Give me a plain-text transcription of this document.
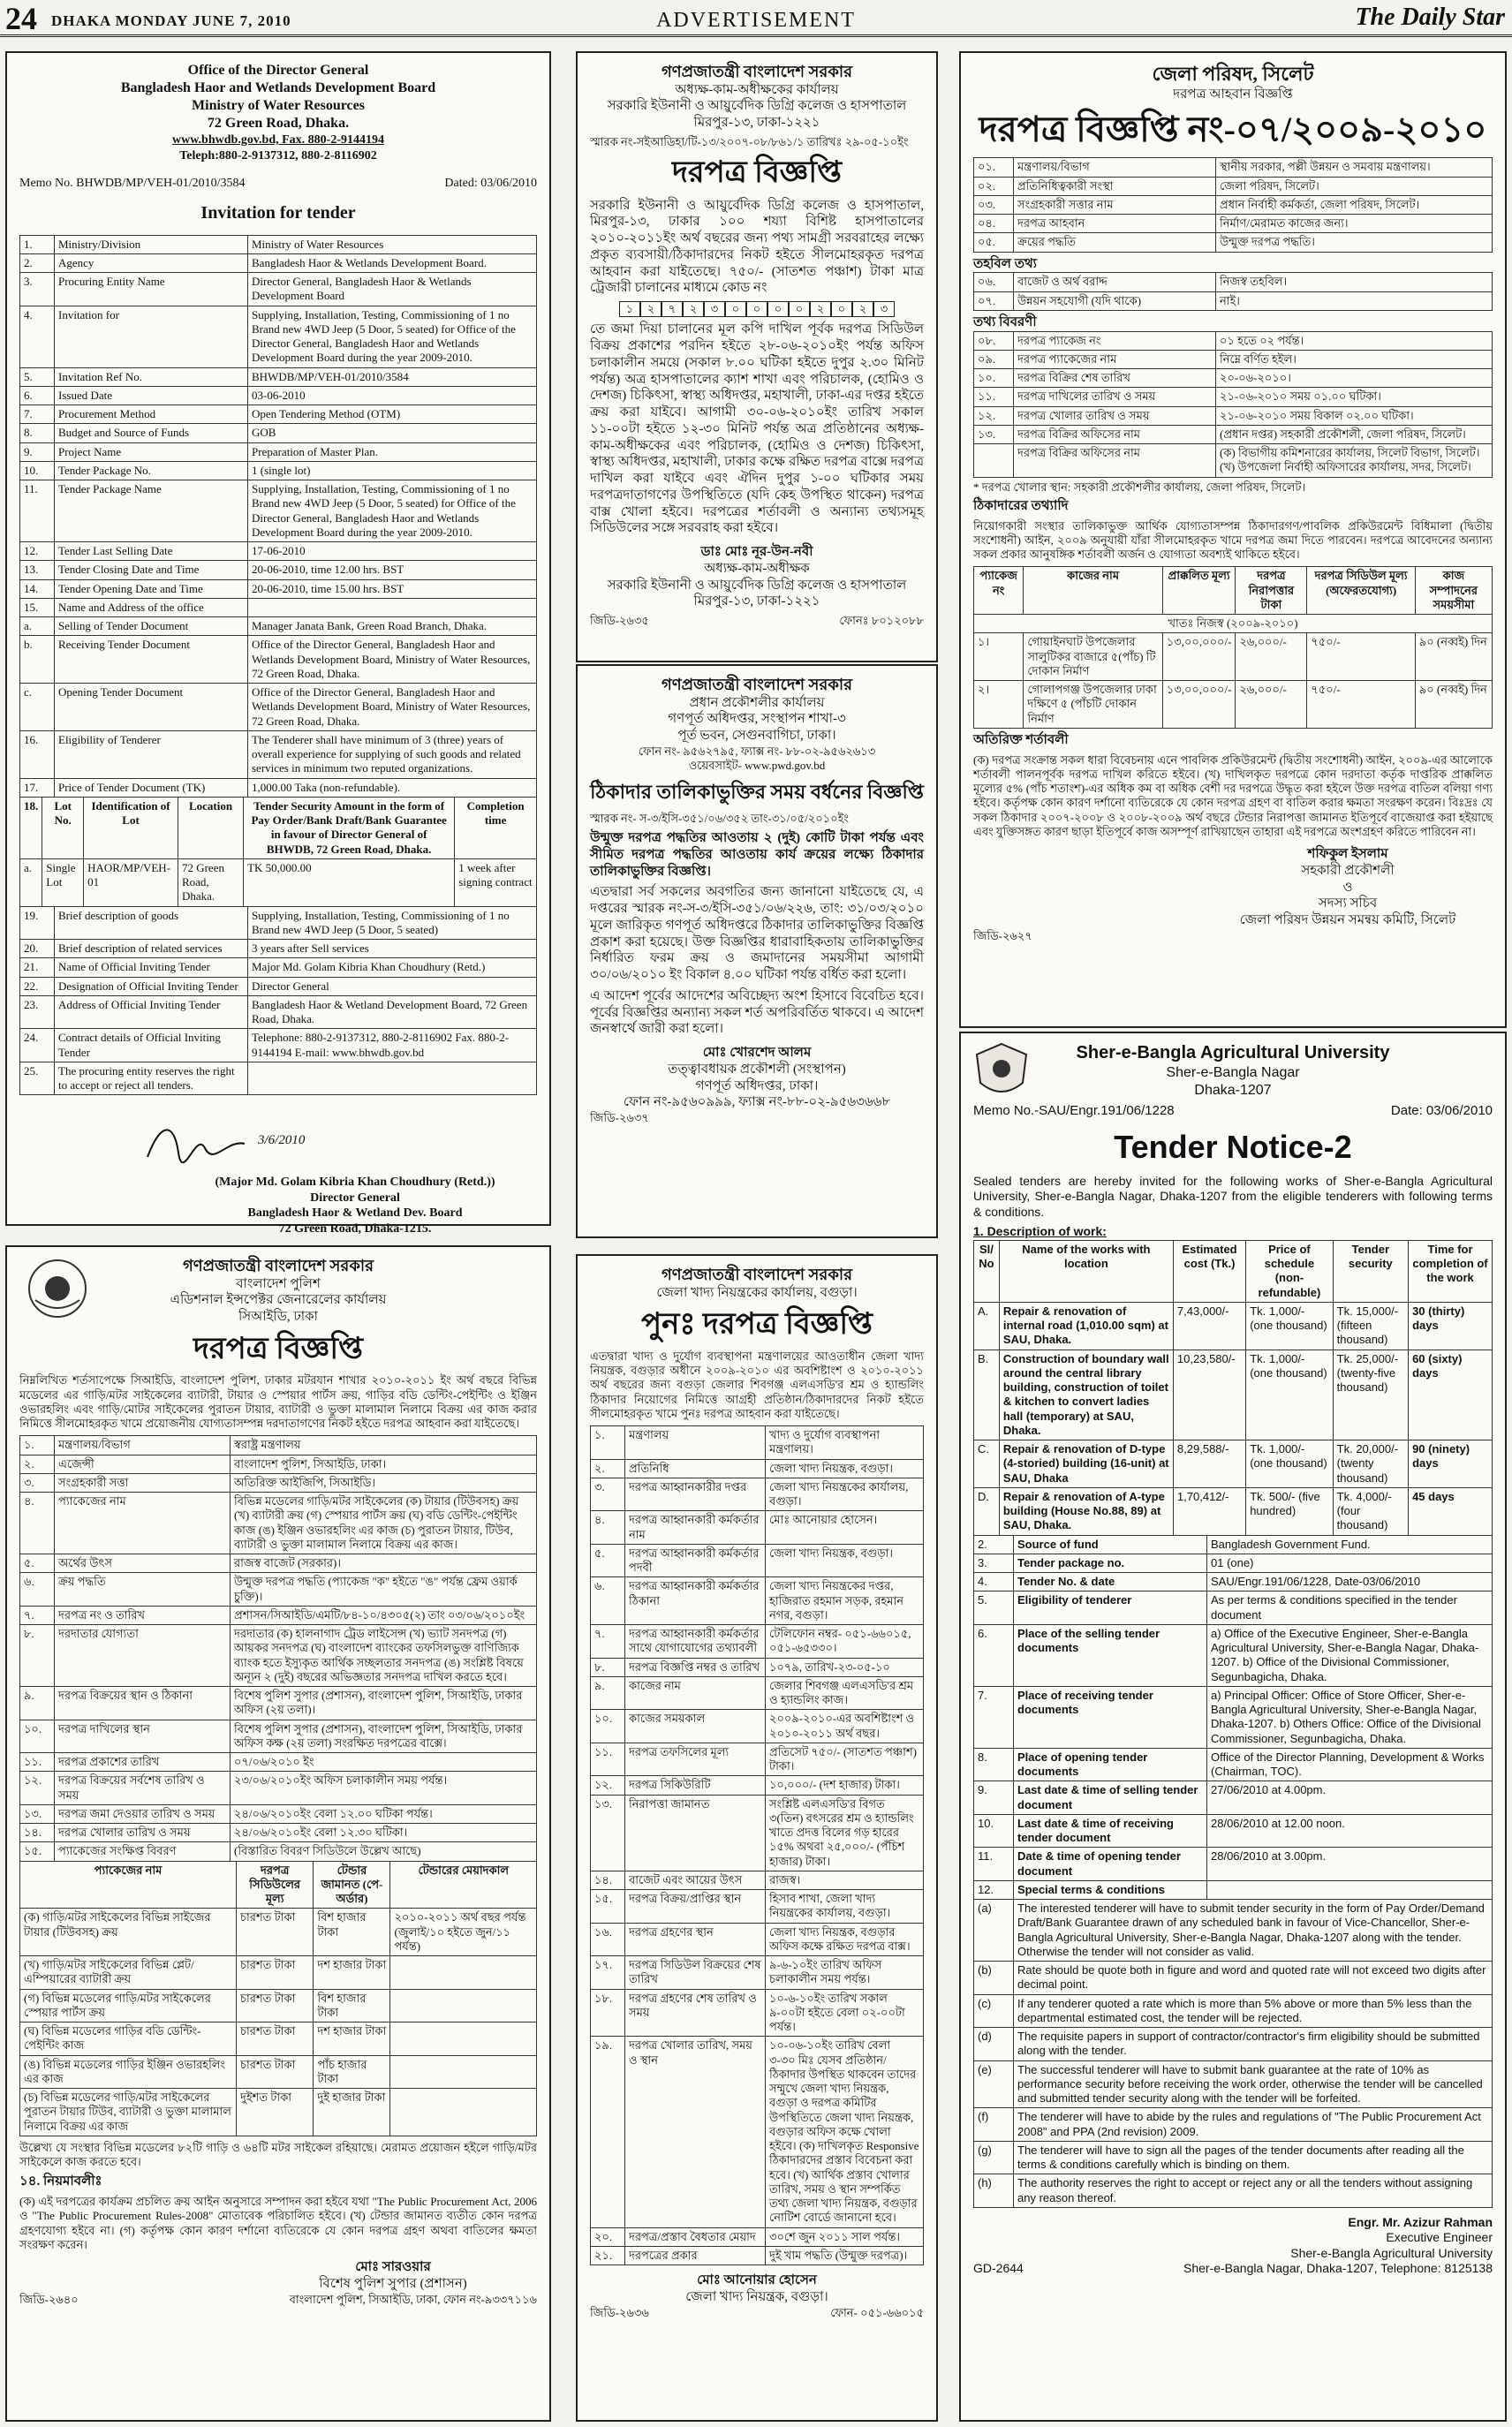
24 DHAKA MONDAY JUNE 7, 2010	ADVERTISEMENT	The Daily Star
Office of the Director General
Bangladesh Haor and Wetlands Development Board
Ministry of Water Resources
72 Green Road, Dhaka.
www.bhwdb.gov.bd, Fax. 880-2-9144194
Teleph:880-2-9137312, 880-2-8116902
Memo No. BHWDB/MP/VEH-01/2010/3584	Dated: 03/06/2010
Invitation for tender
1.	Ministry/Division	Ministry of Water Resources
2.	Agency	Bangladesh Haor & Wetlands Development Board.
3.	Procuring Entity Name	Director General, Bangladesh Haor & Wetlands Development Board
4.	Invitation for	Supplying, Installation, Testing, Commissioning of 1 no Brand new 4WD Jeep (5 Door, 5 seated) for Office of the Director General, Bangladesh Haor and Wetlands Development Board during the year 2009-2010.
5.	Invitation Ref No.	BHWDB/MP/VEH-01/2010/3584
6.	Issued Date	03-06-2010
7.	Procurement Method	Open Tendering Method (OTM)
8.	Budget and Source of Funds	GOB
9.	Project Name	Preparation of Master Plan.
10.	Tender Package No.	1 (single lot)
11.	Tender Package Name	Supplying, Installation, Testing, Commissioning of 1 no Brand new 4WD Jeep (5 Door, 5 seated) for Office of the Director General, Bangladesh Haor and Wetlands Development Board during the year 2009-2010.
12.	Tender Last Selling Date	17-06-2010
13.	Tender Closing Date and Time	20-06-2010, time 12.00 hrs. BST
14.	Tender Opening Date and Time	20-06-2010, time 15.00 hrs. BST
15.	Name and Address of the office	
a.	Selling of Tender Document	Manager Janata Bank, Green Road Branch, Dhaka.
b.	Receiving Tender Document	Office of the Director General, Bangladesh Haor and Wetlands Development Board, Ministry of Water Resources, 72 Green Road, Dhaka.
c.	Opening Tender Document	Office of the Director General, Bangladesh Haor and Wetlands Development Board, Ministry of Water Resources, 72 Green Road, Dhaka.
16.	Eligibility of Tenderer	The Tenderer shall have minimum of 3 (three) years of overall experience for supplying of such goods and related services in minimum two reputed organizations.
17.	Price of Tender Document (TK)	1,000.00 Taka (non-refundable).
18.	Lot No.	Identification of Lot	Location	Tender Security Amount in the form of Pay Order/Bank Draft/Bank Guarantee in favour of Director General of BHWDB, 72 Green Road, Dhaka.	Completion time
a.	Single Lot	HAOR/MP/VEH-01	72 Green Road, Dhaka.	TK 50,000.00	1 week after signing contract
19.	Brief description of goods	Supplying, Installation, Testing, Commissioning of 1 no Brand new 4WD Jeep (5 Door, 5 seated)
20.	Brief description of related services	3 years after Sell services
21.	Name of Official Inviting Tender	Major Md. Golam Kibria Khan Choudhury (Retd.)
22.	Designation of Official Inviting Tender	Director General
23.	Address of Official Inviting Tender	Bangladesh Haor & Wetland Development Board, 72 Green Road, Dhaka.
24.	Contract details of Official Inviting Tender	Telephone: 880-2-9137312, 880-2-8116902 Fax. 880-2-9144194 E-mail: www.bhwdb.gov.bd
25.	The procuring entity reserves the right to accept or reject all tenders.	
3/6/2010
(Major Md. Golam Kibria Khan Choudhury (Retd.))
Director General
Bangladesh Haor & Wetland Dev. Board
72 Green Road, Dhaka-1215.
গণপ্রজাতন্ত্রী বাংলাদেশ সরকার
অধ্যক্ষ-কাম-অধীক্ষকের কার্যালয়
সরকারি ইউনানী ও আয়ুর্বেদিক ডিগ্রি কলেজ ও হাসপাতাল
মিরপুর-১৩, ঢাকা-১২২১
স্মারক নং-সইআডিহা/টি-১৩/২০০৭-০৮/৮৬১/১ তারিখঃ ২৯-০৫-১০ইং
দরপত্র বিজ্ঞপ্তি
সরকারি ইউনানী ও আয়ুর্বেদিক ডিগ্রি কলেজ ও হাসপাতাল, মিরপুর-১৩, ঢাকার ১০০ শয্যা বিশিষ্ট হাসপাতালের ২০১০-২০১১ইং অর্থ বছরের জন্য পথ্য সামগ্রী সরবরাহের লক্ষ্যে প্রকৃত ব্যবসায়ী/ঠিকাদারদের নিকট হইতে সীলমোহরকৃত দরপত্র আহবান করা যাইতেছে। ৭৫০/- (সাতশত পঞ্চাশ) টাকা মাত্র ট্রেজারী চালানের মাধ্যমে কোড নং
১	২	৭	২	৩	০	০	০	০	২	০	২	৩
তে জমা দিয়া চালানের মূল কপি দাখিল পূর্বক দরপত্র সিডিউল বিক্রয় প্রকাশের পরদিন হইতে ২৮-০৬-২০১০ইং পর্যন্ত অফিস চলাকালীন সময়ে (সকাল ৮.০০ ঘটিকা হইতে দুপুর ২.৩০ মিনিট পর্যন্ত) অত্র হাসপাতালের ক্যাশ শাখা এবং পরিচালক, (হোমিও ও দেশজ) চিকিৎসা, স্বাস্থ্য অধিদপ্তর, মহাখালী, ঢাকা-এর দপ্তর হইতে ক্রয় করা যাইবে। আগামী ৩০-০৬-২০১০ইং তারিখ সকাল ১১-০০টা হইতে ১২-৩০ মিনিট পর্যন্ত অত্র প্রতিষ্ঠানের অধ্যক্ষ-কাম-অধীক্ষকের এবং পরিচালক, (হোমিও ও দেশজ) চিকিৎসা, স্বাস্থ্য অধিদপ্তর, মহাখালী, ঢাকার কক্ষে রক্ষিত দরপত্র বাক্সে দরপত্র দাখিল করা যাইবে এবং ঐদিন দুপুর ১-০০ ঘটিকার সময় দরপত্রদাতাগণের উপস্থিতিতে (যদি কেহ উপস্থিত থাকেন) দরপত্র বাক্স খোলা হইবে। দরপত্রের শর্তাবলী ও অন্যান্য তথ্যসমূহ সিডিউলের সঙ্গে সরবরাহ করা হইবে।
ডাঃ মোঃ নূর-উন-নবী
অধ্যক্ষ-কাম-অধীক্ষক
সরকারি ইউনানী ও আয়ুর্বেদিক ডিগ্রি কলেজ ও হাসপাতাল
মিরপুর-১৩, ঢাকা-১২২১
জিডি-২৬৩৫	ফোনঃ ৮০১২০৮৮
গণপ্রজাতন্ত্রী বাংলাদেশ সরকার
প্রধান প্রকৌশলীর কার্যালয়
গণপূর্ত অধিদপ্তর, সংস্থাপন শাখা-৩
পূর্ত ভবন, সেগুনবাগিচা, ঢাকা।
ফোন নং- ৯৫৬২৭৯৫, ফ্যাক্স নং- ৮৮-০২-৯৫৬২৬১৩
ওয়েবসাইট- www.pwd.gov.bd
ঠিকাদার তালিকাভুক্তির সময় বর্ধনের বিজ্ঞপ্তি
স্মারক নং- স-৩/ইসি-৩৫১/০৬/৩৫২ তাং-৩১/০৫/২০১০ইং
উন্মুক্ত দরপত্র পদ্ধতির আওতায় ২ (দুই) কোটি টাকা পর্যন্ত এবং সীমিত দরপত্র পদ্ধতির আওতায় কার্য ক্রয়ের লক্ষ্যে ঠিকাদার তালিকাভুক্তির বিজ্ঞপ্তি।
এতদ্বারা সর্ব সকলের অবগতির জন্য জানানো যাইতেছে যে, এ দপ্তরের স্মারক নং-স-৩/ইসি-৩৫১/০৬/২২৬, তাং: ৩১/০৩/২০১০ মূলে জারিকৃত গণপূর্ত অধিদপ্তরে ঠিকাদার তালিকাভুক্তির বিজ্ঞপ্তি প্রকাশ করা হয়েছে। উক্ত বিজ্ঞপ্তির ধারাবাহিকতায় তালিকাভুক্তির নির্ধারিত ফরম ক্রয় ও জমাদানের সময়সীমা আগামী ৩০/০৬/২০১০ ইং বিকাল ৪.০০ ঘটিকা পর্যন্ত বর্ধিত করা হলো।
এ আদেশ পূর্বের আদেশের অবিচ্ছেদ্য অংশ হিসাবে বিবেচিত হবে। পূর্বের বিজ্ঞপ্তির অন্যান্য সকল শর্ত অপরিবর্তিত থাকবে। এ আদেশ জনস্বার্থে জারী করা হলো।
মোঃ খোরশেদ আলম
তত্ত্বাবধায়ক প্রকৌশলী (সংস্থাপন)
গণপূর্ত অধিদপ্তর, ঢাকা।
ফোন নং-৯৫৬০৯৯৯, ফ্যাক্স নং-৮৮-০২-৯৫৬৩৬৬৮
জিডি-২৬৩৭
জেলা পরিষদ, সিলেট
দরপত্র আহবান বিজ্ঞপ্তি
দরপত্র বিজ্ঞপ্তি নং-০৭/২০০৯-২০১০
০১.	মন্ত্রণালয়/বিভাগ	স্থানীয় সরকার, পল্লী উন্নয়ন ও সমবায় মন্ত্রণালয়।
০২.	প্রতিনিধিত্বকারী সংস্থা	জেলা পরিষদ, সিলেট।
০৩.	সংগ্রহকারী সত্তার নাম	প্রধান নির্বাহী কর্মকর্তা, জেলা পরিষদ, সিলেট।
০৪.	দরপত্র আহবান	নির্মাণ/মেরামত কাজের জন্য।
০৫.	ক্রয়ের পদ্ধতি	উন্মুক্ত দরপত্র পদ্ধতি।
তহবিল তথ্য
০৬.	বাজেট ও অর্থ বরাদ্দ	নিজস্ব তহবিল।
০৭.	উন্নয়ন সহযোগী (যদি থাকে)	নাই।
তথ্য বিবরণী
০৮.	দরপত্র প্যাকেজ নং	০১ হতে ০২ পর্যন্ত।
০৯.	দরপত্র প্যাকেজের নাম	নিম্নে বর্ণিত হইল।
১০.	দরপত্র বিক্রির শেষ তারিখ	২০-০৬-২০১০।
১১.	দরপত্র দাখিলের তারিখ ও সময়	২১-০৬-২০১০ সময় ০১.০০ ঘটিকা।
১২.	দরপত্র খোলার তারিখ ও সময়	২১-০৬-২০১০ সময় বিকাল ০২.০০ ঘটিকা।
১৩.	দরপত্র বিক্রির অফিসের নাম	(প্রধান দপ্তর) সহকারী প্রকৌশলী, জেলা পরিষদ, সিলেট।
	দরপত্র বিক্রির অফিসের নাম	(ক) বিভাগীয় কমিশনারের কার্যালয়, সিলেট বিভাগ, সিলেট। (খ) উপজেলা নির্বাহী অফিসারের কার্যালয়, সদর, সিলেট।
* দরপত্র খোলার স্থান: সহকারী প্রকৌশলীর কার্যালয়, জেলা পরিষদ, সিলেট।
ঠিকাদারের তথ্যাদি
নিয়োগকারী সংস্থার তালিকাভুক্ত আর্থিক যোগ্যতাসম্পন্ন ঠিকাদারগণ/পাবলিক প্রকিউরমেন্ট বিধিমালা (দ্বিতীয় সংশোধনী) আইন, ২০০৯ অনুযায়ী যাঁরা সীলমোহরকৃত খামে দরপত্র জমা দিতে পারবেন। দরপত্রে আবেদনের অন্যান্য সকল প্রকার আনুষঙ্গিক শর্তাবলী অর্জন ও যোগ্যতা অবশ্যই থাকিতে হইবে।
প্যাকেজ নং	কাজের নাম	প্রাক্কলিত মূল্য	দরপত্র নিরাপত্তার টাকা	দরপত্র সিডিউল মূল্য (অফেরতযোগ্য)	কাজ সম্পাদনের সময়সীমা
খাতঃ নিজস্ব (২০০৯-২০১০)					
১।	গোয়াইনঘাট উপজেলার সালুটিকর বাজারে ৫(পাঁচ) টি দোকান নির্মাণ	১৩,০০,০০০/-	২৬,০০০/-	৭৫০/-	৯০ (নব্বই) দিন
২।	গোলাপগঞ্জ উপজেলার ঢাকা দক্ষিণে ৫ (পাঁচটি দোকান নির্মাণ	১৩,০০,০০০/-	২৬,০০০/-	৭৫০/-	৯০ (নব্বই) দিন
অতিরিক্ত শর্তাবলী
(ক) দরপত্র সংক্রান্ত সকল ধারা বিবেচনায় এনে পাবলিক প্রকিউরমেন্ট (দ্বিতীয় সংশোধনী) আইন, ২০০৯-এর আলোকে শর্তাবলী পালনপূর্বক দরপত্র দাখিল করিতে হইবে। (খ) দাখিলকৃত দরপত্রে কোন দরদাতা কর্তৃক দাপ্তরিক প্রাক্কলিত মূল্যের ৫% (পাঁচ শতাংশ)-এর অধিক কম বা অধিক বেশী দর দরপত্রে উদ্ধৃত করা হইলে উক্ত দরপত্র বাতিল বলিয়া গণ্য হইবে। কর্তৃপক্ষ কোন কারণ দর্শানো ব্যতিরেকে যে কোন দরপত্র গ্রহণ বা বাতিল করার ক্ষমতা সংরক্ষণ করেন। বিঃদ্রঃ যে সকল ঠিকাদার ২০০৭-২০০৮ ও ২০০৮-২০০৯ অর্থ বছরে টেন্ডার নিরাপত্তা জামানত ইতিপূর্বে বাজেয়াপ্ত করা হইয়াছে এবং যুক্তিসঙ্গত কারণ ছাড়া ইতিপূর্বে কাজ অসম্পূর্ণ রাখিয়াছেন তাহারা এই দরপত্রে অংশগ্রহণ করিতে পারিবেন না।
শফিকুল ইসলাম
সহকারী প্রকৌশলী
ও
সদস্য সচিব
জেলা পরিষদ উন্নয়ন সমন্বয় কমিটি, সিলেট
জিডি-২৬২৭
গণপ্রজাতন্ত্রী বাংলাদেশ সরকার
বাংলাদেশ পুলিশ
এডিশনাল ইন্সপেক্টর জেনারেলের কার্যালয়
সিআইডি, ঢাকা
দরপত্র বিজ্ঞপ্তি
নিম্নলিখিত শর্তসাপেক্ষে সিআইডি, বাংলাদেশ পুলিশ, ঢাকার মটরযান শাখার ২০১০-২০১১ ইং অর্থ বছরে বিভিন্ন মডেলের এর গাড়ি/মটর সাইকেলের ব্যাটারী, টায়ার ও স্পেয়ার পার্টস ক্রয়, গাড়ির বডি ডেন্টিং-পেইন্টিং ও ইঞ্জিন ওভারহলিং এবং গাড়ি/মোটর সাইকেলের পুরাতন টায়ার, ব্যাটারী ও ভুক্তা মালামাল নিলামে বিক্রয় এর কাজ করার নিমিত্তে সীলমোহরকৃত খামে প্রয়োজনীয় যোগ্যতাসম্পন্ন দরদাতাগণের নিকট হইতে দরপত্র আহবান করা যাইতেছে।
১.	মন্ত্রণালয়/বিভাগ	স্বরাষ্ট্র মন্ত্রণালয়
২.	এজেন্সী	বাংলাদেশ পুলিশ, সিআইডি, ঢাকা।
৩.	সংগ্রহকারী সত্তা	অতিরিক্ত আইজিপি, সিআইডি।
৪.	প্যাকেজের নাম	বিভিন্ন মডেলের গাড়ি/মটর সাইকেলের (ক) টায়ার (টিউবসহ) ক্রয় (খ) ব্যাটারী ক্রয় (গ) স্পেয়ার পার্টস ক্রয় (ঘ) বডি ডেন্টিং-পেইন্টিং কাজ (ঙ) ইঞ্জিন ওভারহলিং এর কাজ (চ) পুরাতন টায়ার, টিউব, ব্যাটারী ও ভুক্তা মালামাল নিলামে বিক্রয় এর কাজ।
৫.	অর্থের উৎস	রাজস্ব বাজেট (সরকার)।
৬.	ক্রয় পদ্ধতি	উন্মুক্ত দরপত্র পদ্ধতি (প্যাকেজ "ক" হইতে "ঙ" পর্যন্ত ফ্রেম ওয়ার্ক চুক্তি)।
৭.	দরপত্র নং ও তারিখ	প্রশাসন/সিআইডি/এমটি/৮৪-১০/৪৩০৫(২) তাং ০৩/০৬/২০১০ইং
৮.	দরদাতার যোগ্যতা	দরদাতার (ক) হালনাগাদ ট্রেড লাইসেন্স (খ) ভ্যাট সনদপত্র (গ) আয়কর সনদপত্র (ঘ) বাংলাদেশ ব্যাংকের তফসিলভুক্ত বাণিজ্যিক ব্যাংক হতে ইস্যুকৃত আর্থিক সচ্ছলতার সনদপত্র (ঙ) সংশ্লিষ্ট বিষয়ে অন্যূন ২ (দুই) বছরের অভিজ্ঞতার সনদপত্র দাখিল করতে হবে।
৯.	দরপত্র বিক্রয়ের স্থান ও ঠিকানা	বিশেষ পুলিশ সুপার (প্রশাসন), বাংলাদেশ পুলিশ, সিআইডি, ঢাকার অফিস (২য় তলা)।
১০.	দরপত্র দাখিলের স্থান	বিশেষ পুলিশ সুপার (প্রশাসন), বাংলাদেশ পুলিশ, সিআইডি, ঢাকার অফিস কক্ষ (২য় তলা) সংরক্ষিত দরপত্রের বাক্সে।
১১.	দরপত্র প্রকাশের তারিখ	০৭/০৬/২০১০ ইং
১২.	দরপত্র বিক্রয়ের সর্বশেষ তারিখ ও সময়	২৩/০৬/২০১০ইং অফিস চলাকালীন সময় পর্যন্ত।
১৩.	দরপত্র জমা দেওয়ার তারিখ ও সময়	২৪/০৬/২০১০ইং বেলা ১২.০০ ঘটিকা পর্যন্ত।
১৪.	দরপত্র খোলার তারিখ ও সময়	২৪/০৬/২০১০ইং বেলা ১২.৩০ ঘটিকা।
১৫.	প্যাকেজের সংক্ষিপ্ত বিবরণ	(বিস্তারিত বিবরণ সিডিউলে উল্লেখ আছে)
প্যাকেজের নাম	দরপত্র সিডিউলের মূল্য	টেন্ডার জামানত (পে-অর্ডার)	টেন্ডারের মেয়াদকাল
(ক) গাড়ি/মটর সাইকেলের বিভিন্ন সাইজের টায়ার (টিউবসহ) ক্রয়	চারশত টাকা	বিশ হাজার টাকা	২০১০-২০১১ অর্থ বছর পর্যন্ত (জুলাই/১০ হইতে জুন/১১ পর্যন্ত)
(খ) গাড়ি/মটর সাইকেলের বিভিন্ন প্লেট/এম্পিয়ারের ব্যাটারী ক্রয়	চারশত টাকা	দশ হাজার টাকা	
(গ) বিভিন্ন মডেলের গাড়ি/মটর সাইকেলের স্পেয়ার পার্টস ক্রয়	চারশত টাকা	বিশ হাজার টাকা	
(ঘ) বিভিন্ন মডেলের গাড়ির বডি ডেন্টিং-পেইন্টিং কাজ	চারশত টাকা	দশ হাজার টাকা	
(ঙ) বিভিন্ন মডেলের গাড়ির ইঞ্জিন ওভারহলিং এর কাজ	চারশত টাকা	পাঁচ হাজার টাকা	
(চ) বিভিন্ন মডেলের গাড়ি/মটর সাইকেলের পুরাতন টায়ার টিউব, ব্যাটারী ও ভুক্তা মালামাল নিলামে বিক্রয় এর কাজ	দুইশত টাকা	দুই হাজার টাকা	
উল্লেখ্য যে সংস্থার বিভিন্ন মডেলের ৮২টি গাড়ি ও ৬৪টি মটর সাইকেল রহিয়াছে। মেরামত প্রয়োজন হইলে গাড়ি/মটর সাইকেলে কাজ করতে হবে।
১৪. নিয়মাবলীঃ
(ক) এই দরপত্রের কার্যক্রম প্রচলিত ক্রয় আইন অনুসারে সম্পাদন করা হইবে যথা "The Public Procurement Act, 2006 ও "The Public Procurement Rules-2008" মোতাবেক পরিচালিত হইবে। (খ) টেন্ডার জামানত ব্যতীত কোন দরপত্র গ্রহণযোগ্য হইবে না। (গ) কর্তৃপক্ষ কোন কারণ দর্শানো ব্যতিরেকে যে কোন দরপত্র গ্রহণ অথবা বাতিলের ক্ষমতা সংরক্ষণ করেন।
মোঃ সারওয়ার
বিশেষ পুলিশ সুপার (প্রশাসন)
জিডি-২৬৪০	বাংলাদেশ পুলিশ, সিআইডি, ঢাকা, ফোন নং-৯৩৩৭১১৬
গণপ্রজাতন্ত্রী বাংলাদেশ সরকার
জেলা খাদ্য নিয়ন্ত্রকের কার্যালয়, বগুড়া।
পুনঃ দরপত্র বিজ্ঞপ্তি
এতদ্বারা খাদ্য ও দুর্যোগ ব্যবস্থাপনা মন্ত্রণালয়ের আওতাধীন জেলা খাদ্য নিয়ন্ত্রক, বগুড়ার অধীনে ২০০৯-২০১০ এর অবশিষ্টাংশ ও ২০১০-২০১১ অর্থ বছরের জন্য বগুড়া জেলার শিবগঞ্জ এলএসডি'র শ্রম ও হ্যান্ডলিং ঠিকাদার নিয়োগের নিমিত্তে আগ্রহী প্রতিষ্ঠান/ঠিকাদারদের নিকট হইতে সীলমোহরকৃত খামে পুনঃ দরপত্র আহবান করা যাইতেছে।
১.	মন্ত্রণালয়	খাদ্য ও দুর্যোগ ব্যবস্থাপনা মন্ত্রণালয়।
২.	প্রতিনিধি	জেলা খাদ্য নিয়ন্ত্রক, বগুড়া।
৩.	দরপত্র আহ্বানকারীর দপ্তর	জেলা খাদ্য নিয়ন্ত্রকের কার্যালয়, বগুড়া।
৪.	দরপত্র আহ্বানকারী কর্মকর্তার নাম	মোঃ আনোয়ার হোসেন।
৫.	দরপত্র আহ্বানকারী কর্মকর্তার পদবী	জেলা খাদ্য নিয়ন্ত্রক, বগুড়া।
৬.	দরপত্র আহ্বানকারী কর্মকর্তার ঠিকানা	জেলা খাদ্য নিয়ন্ত্রকের দপ্তর, হাজিরাত রহমান সড়ক, রহমান নগর, বগুড়া।
৭.	দরপত্র আহ্বানকারী কর্মকর্তার সাথে যোগাযোগের তথ্যাবলী	টেলিফোন নম্বর- ০৫১-৬৬০১৫, ০৫১-৬৫৩৩০।
৮.	দরপত্র বিজ্ঞপ্তি নম্বর ও তারিখ	১০৭৯, তারিখ-২৩-০৫-১০
৯.	কাজের নাম	জেলার শিবগঞ্জ এলএসডি'র শ্রম ও হ্যান্ডলিং কাজ।
১০.	কাজের সময়কাল	২০০৯-২০১০-এর অবশিষ্টাংশ ও ২০১০-২০১১ অর্থ বছর।
১১.	দরপত্র তফসিলের মূল্য	প্রতিসেট ৭৫০/- (সাতশত পঞ্চাশ) টাকা।
১২.	দরপত্র সিকিউরিটি	১০,০০০/- (দশ হাজার) টাকা।
১৩.	নিরাপত্তা জামানত	সংশ্লিষ্ট এলএসডি'র বিগত ৩(তিন) বৎসরের শ্রম ও হ্যান্ডলিং খাতে প্রদত্ত বিলের গড় হারের ১৫% অথবা ২৫,০০০/- (পঁচিশ হাজার) টাকা।
১৪.	বাজেট এবং আয়ের উৎস	রাজস্ব।
১৫.	দরপত্র বিক্রয়/প্রাপ্তির স্থান	হিসাব শাখা, জেলা খাদ্য নিয়ন্ত্রকের কার্যালয়, বগুড়া।
১৬.	দরপত্র গ্রহণের স্থান	জেলা খাদ্য নিয়ন্ত্রক, বগুড়ার অফিস কক্ষে রক্ষিত দরপত্র বাক্স।
১৭.	দরপত্র সিডিউল বিক্রয়ের শেষ তারিখ	৯-৬-১০ইং তারিখ অফিস চলাকালীন সময় পর্যন্ত।
১৮.	দরপত্র গ্রহণের শেষ তারিখ ও সময়	১০-৬-১০ইং তারিখ সকাল ৯-০০টা হইতে বেলা ০২-০০টা পর্যন্ত।
১৯.	দরপত্র খোলার তারিখ, সময় ও স্থান	১০-০৬-১০ইং তারিখ বেলা ৩-৩০ মিঃ যেসব প্রতিষ্ঠান/ঠিকাদার উপস্থিত থাকবেন তাদের সম্মুখে জেলা খাদ্য নিয়ন্ত্রক, বগুড়া ও দরপত্র কমিটির উপস্থিতিতে জেলা খাদ্য নিয়ন্ত্রক, বগুড়ার অফিস কক্ষে খোলা হইবে। (ক) দাখিলকৃত Responsive ঠিকাদারদের প্রস্তাব বিবেচনা করা হবে। (খ) আর্থিক প্রস্তাব খোলার তারিখ, সময় ও স্থান সম্পর্কিত তথ্য জেলা খাদ্য নিয়ন্ত্রক, বগুড়ার নোটিশ বোর্ডে জানানো হবে।
২০.	দরপত্র/প্রস্তাব বৈধতার মেয়াদ	৩০শে জুন ২০১১ সাল পর্যন্ত।
২১.	দরপত্রের প্রকার	দুই খাম পদ্ধতি (উন্মুক্ত দরপত্র)।
মোঃ আনোয়ার হোসেন
জেলা খাদ্য নিয়ন্ত্রক, বগুড়া।
জিডি-২৬৩৬	ফোন- ০৫১-৬৬০১৫
Sher-e-Bangla Agricultural University
Sher-e-Bangla Nagar
Dhaka-1207
Memo No.-SAU/Engr.191/06/1228	Date: 03/06/2010
Tender Notice-2
Sealed tenders are hereby invited for the following works of Sher-e-Bangla Agricultural University, Sher-e-Bangla Nagar, Dhaka-1207 from the eligible tenderers with following terms & conditions.
1. Description of work:
Sl/ No	Name of the works with location	Estimated cost (Tk.)	Price of schedule (non-refundable)	Tender security	Time for completion of the work
A.	Repair & renovation of internal road (1,010.00 sqm) at SAU, Dhaka.	7,43,000/-	Tk. 1,000/- (one thousand)	Tk. 15,000/- (fifteen thousand)	30 (thirty) days
B.	Construction of boundary wall around the central library building, construction of toilet & kitchen to convert ladies hall (temporary) at SAU, Dhaka.	10,23,580/-	Tk. 1,000/- (one thousand)	Tk. 25,000/- (twenty-five thousand)	60 (sixty) days
C.	Repair & renovation of D-type (4-storied) building (16-unit) at SAU, Dhaka	8,29,588/-	Tk. 1,000/- (one thousand)	Tk. 20,000/- (twenty thousand)	90 (ninety) days
D.	Repair & renovation of A-type building (House No.88, 89) at SAU, Dhaka.	1,70,412/-	Tk. 500/- (five hundred)	Tk. 4,000/- (four thousand)	45 days
2.	Source of fund	Bangladesh Government Fund.
3.	Tender package no.	01 (one)
4.	Tender No. & date	SAU/Engr.191/06/1228, Date-03/06/2010
5.	Eligibility of tenderer	As per terms & conditions specified in the tender document
6.	Place of the selling tender documents	a) Office of the Executive Engineer, Sher-e-Bangla Agricultural University, Sher-e-Bangla Nagar, Dhaka-1207. b) Office of the Divisional Commissioner, Segunbagicha, Dhaka.
7.	Place of receiving tender documents	a) Principal Officer: Office of Store Officer, Sher-e-Bangla Agricultural University, Sher-e-Bangla Nagar, Dhaka-1207. b) Others Office: Office of the Divisional Commissioner, Segunbagicha, Dhaka.
8.	Place of opening tender documents	Office of the Director Planning, Development & Works (Chairman, TOC).
9.	Last date & time of selling tender document	27/06/2010 at 4.00pm.
10.	Last date & time of receiving tender document	28/06/2010 at 12.00 noon.
11.	Date & time of opening tender document	28/06/2010 at 3.00pm.
12.	Special terms & conditions	
(a)	The interested tenderer will have to submit tender security in the form of Pay Order/Demand Draft/Bank Guarantee drawn of any scheduled bank in favour of Vice-Chancellor, Sher-e-Bangla Agricultural University, Sher-e-Bangla Nagar, Dhaka-1207 along with the tender. Otherwise the tender will not consider as valid.
(b)	Rate should be quote both in figure and word and quoted rate will not exceed two digits after decimal point.
(c)	If any tenderer quoted a rate which is more than 5% above or more than 5% less than the departmental estimated cost, the tender will be rejected.
(d)	The requisite papers in support of contractor/contractor's firm eligibility should be submitted along with the tender.
(e)	The successful tenderer will have to submit bank guarantee at the rate of 10% as performance security before receiving the work order, otherwise the tender will be cancelled and submitted tender security along with the tender will be forfeited.
(f)	The tenderer will have to abide by the rules and regulations of "The Public Procurement Act 2008" and PPA (2nd revision) 2009.
(g)	The tenderer will have to sign all the pages of the tender documents after reading all the terms & conditions carefully which is binding on them.
(h)	The authority reserves the right to accept or reject any or all the tenders without assigning any reason thereof.
Engr. Mr. Azizur Rahman
Executive Engineer
Sher-e-Bangla Agricultural University
GD-2644	Sher-e-Bangla Nagar, Dhaka-1207, Telephone: 8125138
